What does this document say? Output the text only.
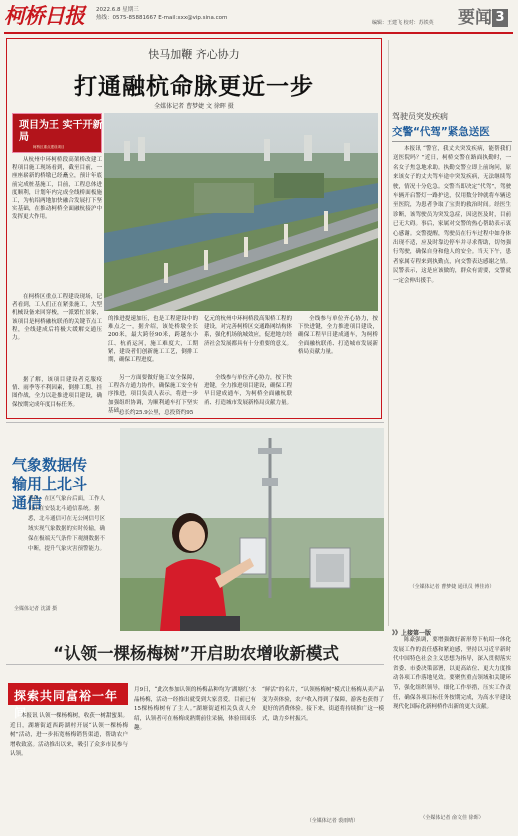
柯桥日报	2022.6.8 星期三
热线：0575-85881667 E-mail:xxx@vip.sina.com
编辑：王建飞 校对：苏铁英	要闻 3
快马加鞭 齐心协力
打通融杭命脉更近一步
全媒体记者 曹梦婕 文 徐晖 摄
项目为王 实干开新局
柯桥区重点建设项目
从杭州中环柯桥段高架桥改建工程项目施工现场看到，截至目前，一座座崭新的桥墩已经矗立，预计年底前完成桩基施工，目前，工程总体进度顺利，计划年内完成全线桥面板施工，为杭绍两地加快融合发展打下坚实基础，在推动柯桥全面融杭接沪中发挥更大作用。
在柯桥区重点工程建设现场，记者看到，工人们正在紧张施工，大型机械设备来回穿梭，一派繁忙景象，该项目是柯桥融杭联甬的关键节点工程，全线建成后将极大缓解交通压力。
据了解，该项目建设者克服疫情、雨季等不利因素，倒排工期、挂图作战，全力以赴推进项目建设，确保按期完成年度目标任务。
的推进提速加压，也是工程建设中的难点之一，据介绍，该处桥墩全长200米，最大跨径90米，跨越东小江、杭甬运河，施工难度大，工期紧，建设者们创新施工工艺，倒排工期，确保工程进度。
另一方面要做好施工安全保障，工程各方通力协作，确保施工安全有序推进，项目负责人表示，将进一步加强组织协调，为顺利通车打下坚实基础。
总长约25.9公里，总投资约95
亿元的杭州中环柯桥段高架桥工程的建设，对完善柯桥区交通路网结构体系，强化机场航城效应，促进地方经济社会发展都具有十分重要的意义。
全线参与单位齐心协力，按下快进键，全力推进项目建设，确保工程早日建成通车，为柯桥全面融杭联甬、打造城市发展新格局贡献力量。
全线参与单位齐心协力，按下快进键，全力推进项目建设，确保工程早日建成通车，为柯桥全面融杭联甬、打造城市发展新格局贡献力量。
驾驶员突发疾病
交警“代驾”紧急送医
本报讯 “警官，我丈夫突发疾病，能帮我们送医院吗？”近日，柯桥交警在路面执勤时，一名女子焦急地求助。执勤交警立即上前询问，原来该女子的丈夫驾车途中突发疾病，无法继续驾驶，情况十分危急。交警当即决定“代驾”，驾驶车辆开启警灯一路护送，仅用数分钟就将车辆送至医院，为患者争取了宝贵的救治时间。经医生诊断，该驾驶员为突发急症，因送医及时，目前已无大碍。事后，家属对交警的热心帮助表示衷心感谢。交警提醒，驾驶员在行车过程中如身体出现不适，应及时靠边停车并寻求帮助，切勿强行驾驶，确保自身和他人的安全。当天下午，患者家属专程来到执勤点，向交警表达感谢之情。民警表示，这是应该做的，群众有需要，交警就一定会伸出援手。
（全媒体记者 曹梦婕 通讯员 傅佳涛）
》》上接第一版
陈豪强调，要增强做好新形势下杭绍一体化发展工作的责任感和紧迫感，坚持以习近平新时代中国特色社会主义思想为指导，深入贯彻落实省委、市委决策部署，以更高站位、更大力度推动各项工作落地见效。要聚焦重点领域和关键环节，强化组织领导，细化工作举措，压实工作责任，确保各项目标任务按期完成，为高水平建设现代化国际化新柯桥作出新的更大贡献。
（全媒体记者 俞文佳 徐晖）
气象数据传输用上北斗通信
近日，在区气象台后面，工作人员正在安装北斗通信系统。据悉，北斗通信可在无公网信号区域实现气象数据的实时传输，确保在极端天气条件下观测数据不中断，提升气象灾害预警能力。
全媒体记者 沈潇 摄
“认领一棵杨梅树”开启助农增收新模式
探索共同富裕一年间
本报讯 认领一棵杨梅树，收获一树甜蜜果。近日，湖塘街道西跨湖村开展“认领一棵杨梅树”活动，进一步拓宽杨梅销售渠道，帮助农户增收致富。活动推出以来，吸引了众多市民参与认领。
月9日，“此次参加认领的杨梅品种均为‘湖塘红’水晶杨梅，活动一经推出就受到大家喜爱。目前已有15棵杨梅树有了主人。”湖塘街道相关负责人介绍，认领者可在杨梅成熟期前往采摘，体验田园乐趣。
“鲜活”的名片，“认领杨梅树”模式让杨梅从卖产品变为卖体验，农户收入得到了保障，游客也获得了更好的消费体验。接下来，街道将持续推广这一模式，助力乡村振兴。
（全媒体记者 裘雨晴）
